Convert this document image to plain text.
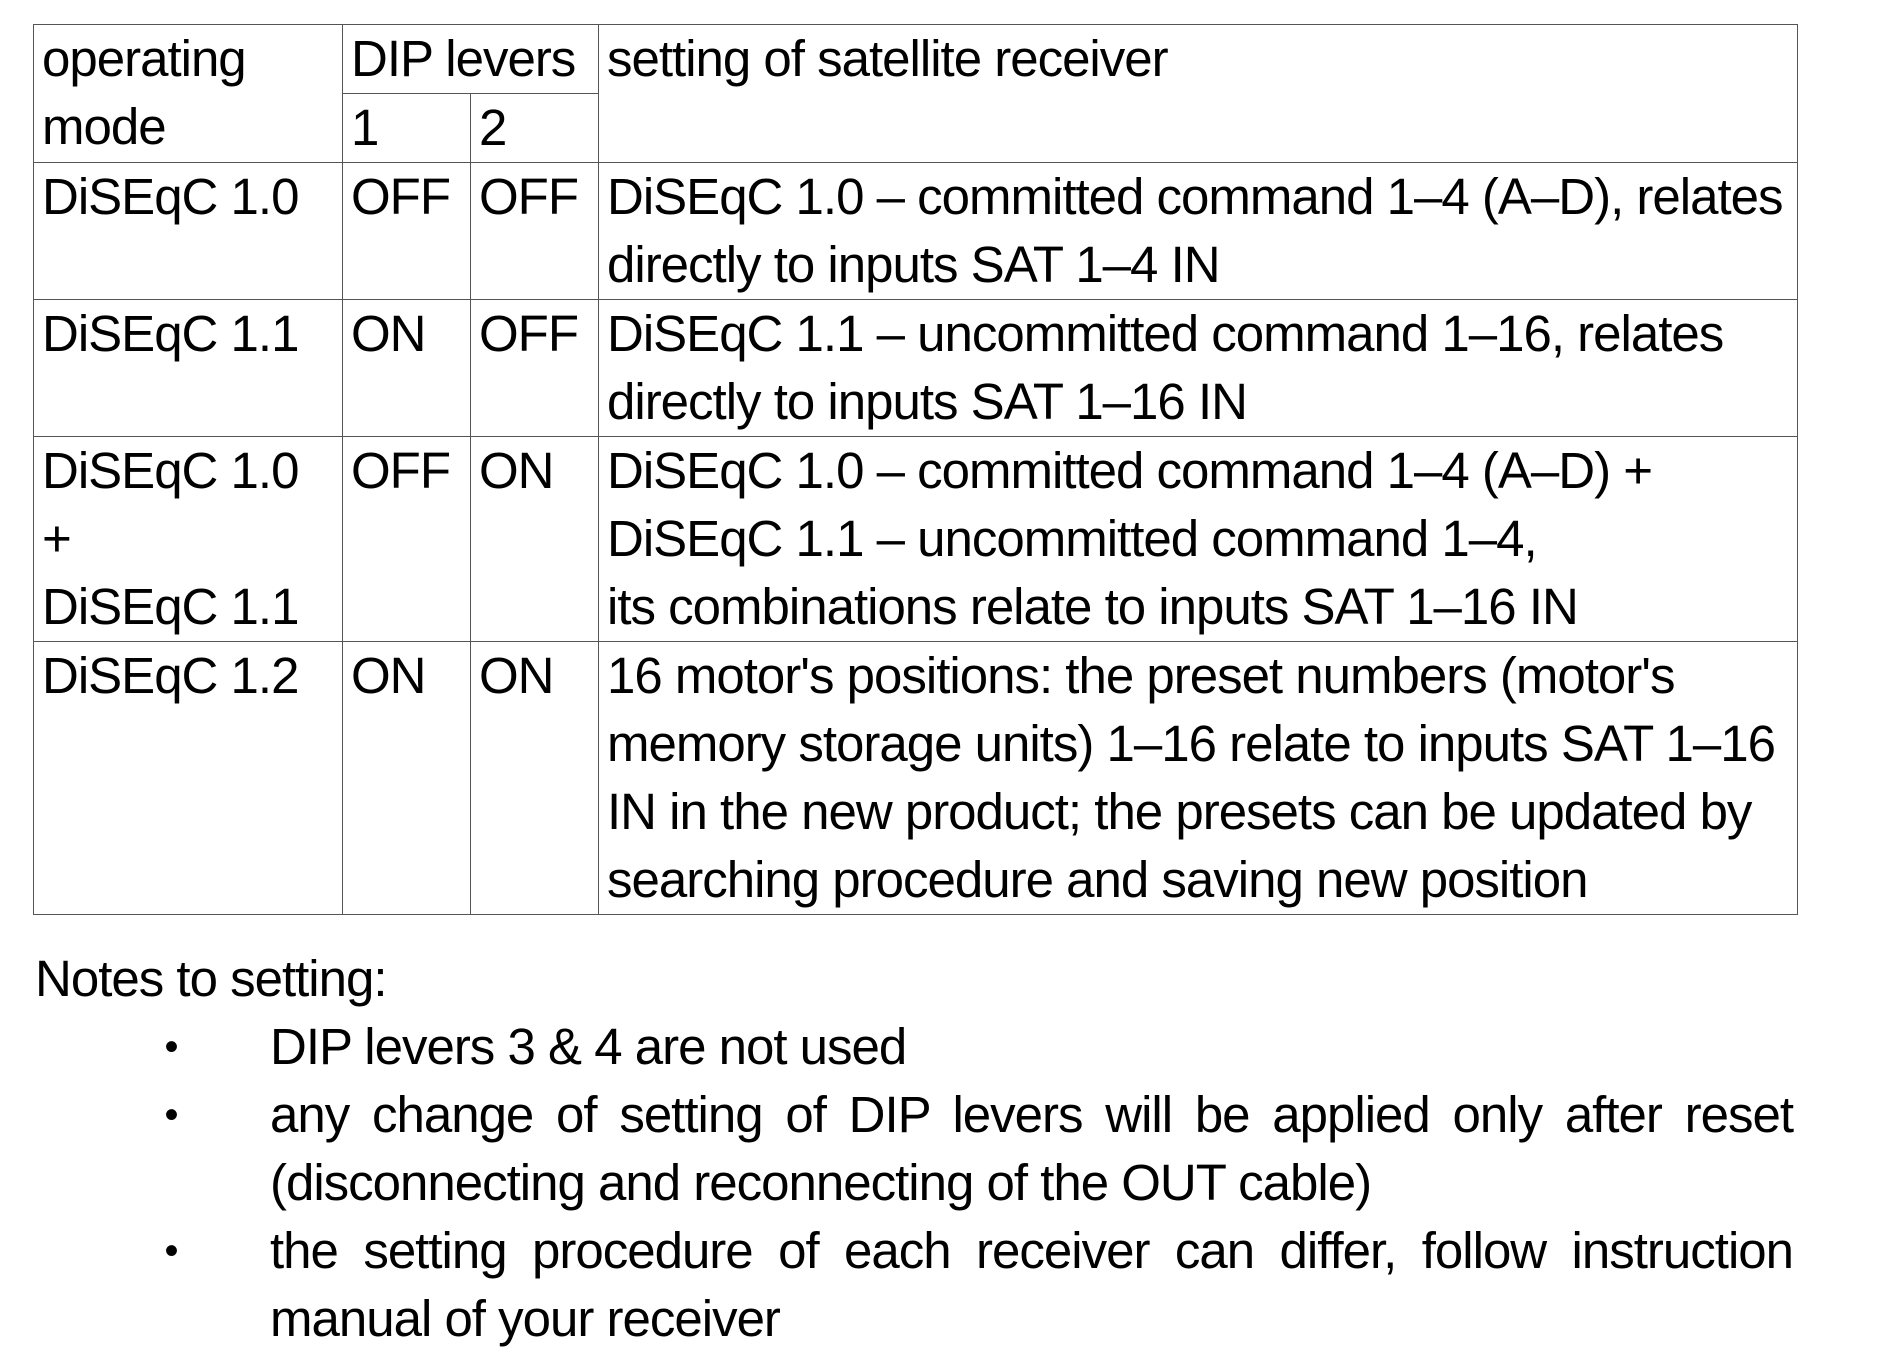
operating
mode	DIP levers		setting of satellite receiver
	1	2	
DiSEqC 1.0	OFF	OFF	DiSEqC 1.0 – committed command 1–4 (A–D), relates
directly to inputs SAT 1–4 IN
DiSEqC 1.1	ON	OFF	DiSEqC 1.1 – uncommitted command 1–16, relates
directly to inputs SAT 1–16 IN
DiSEqC 1.0
+
DiSEqC 1.1	OFF	ON	DiSEqC 1.0 – committed command 1–4 (A–D) +
DiSEqC 1.1 – uncommitted command 1–4,
its combinations relate to inputs SAT 1–16 IN
DiSEqC 1.2	ON	ON	16 motor's positions: the preset numbers (motor's
memory storage units) 1–16 relate to inputs SAT 1–16
IN in the new product; the presets can be updated by
searching procedure and saving new position

Notes to setting:

• DIP levers 3 & 4 are not used
• any change of setting of DIP levers will be applied only after reset (disconnecting and reconnecting of the OUT cable)
• the setting procedure of each receiver can differ, follow instruction manual of your receiver
